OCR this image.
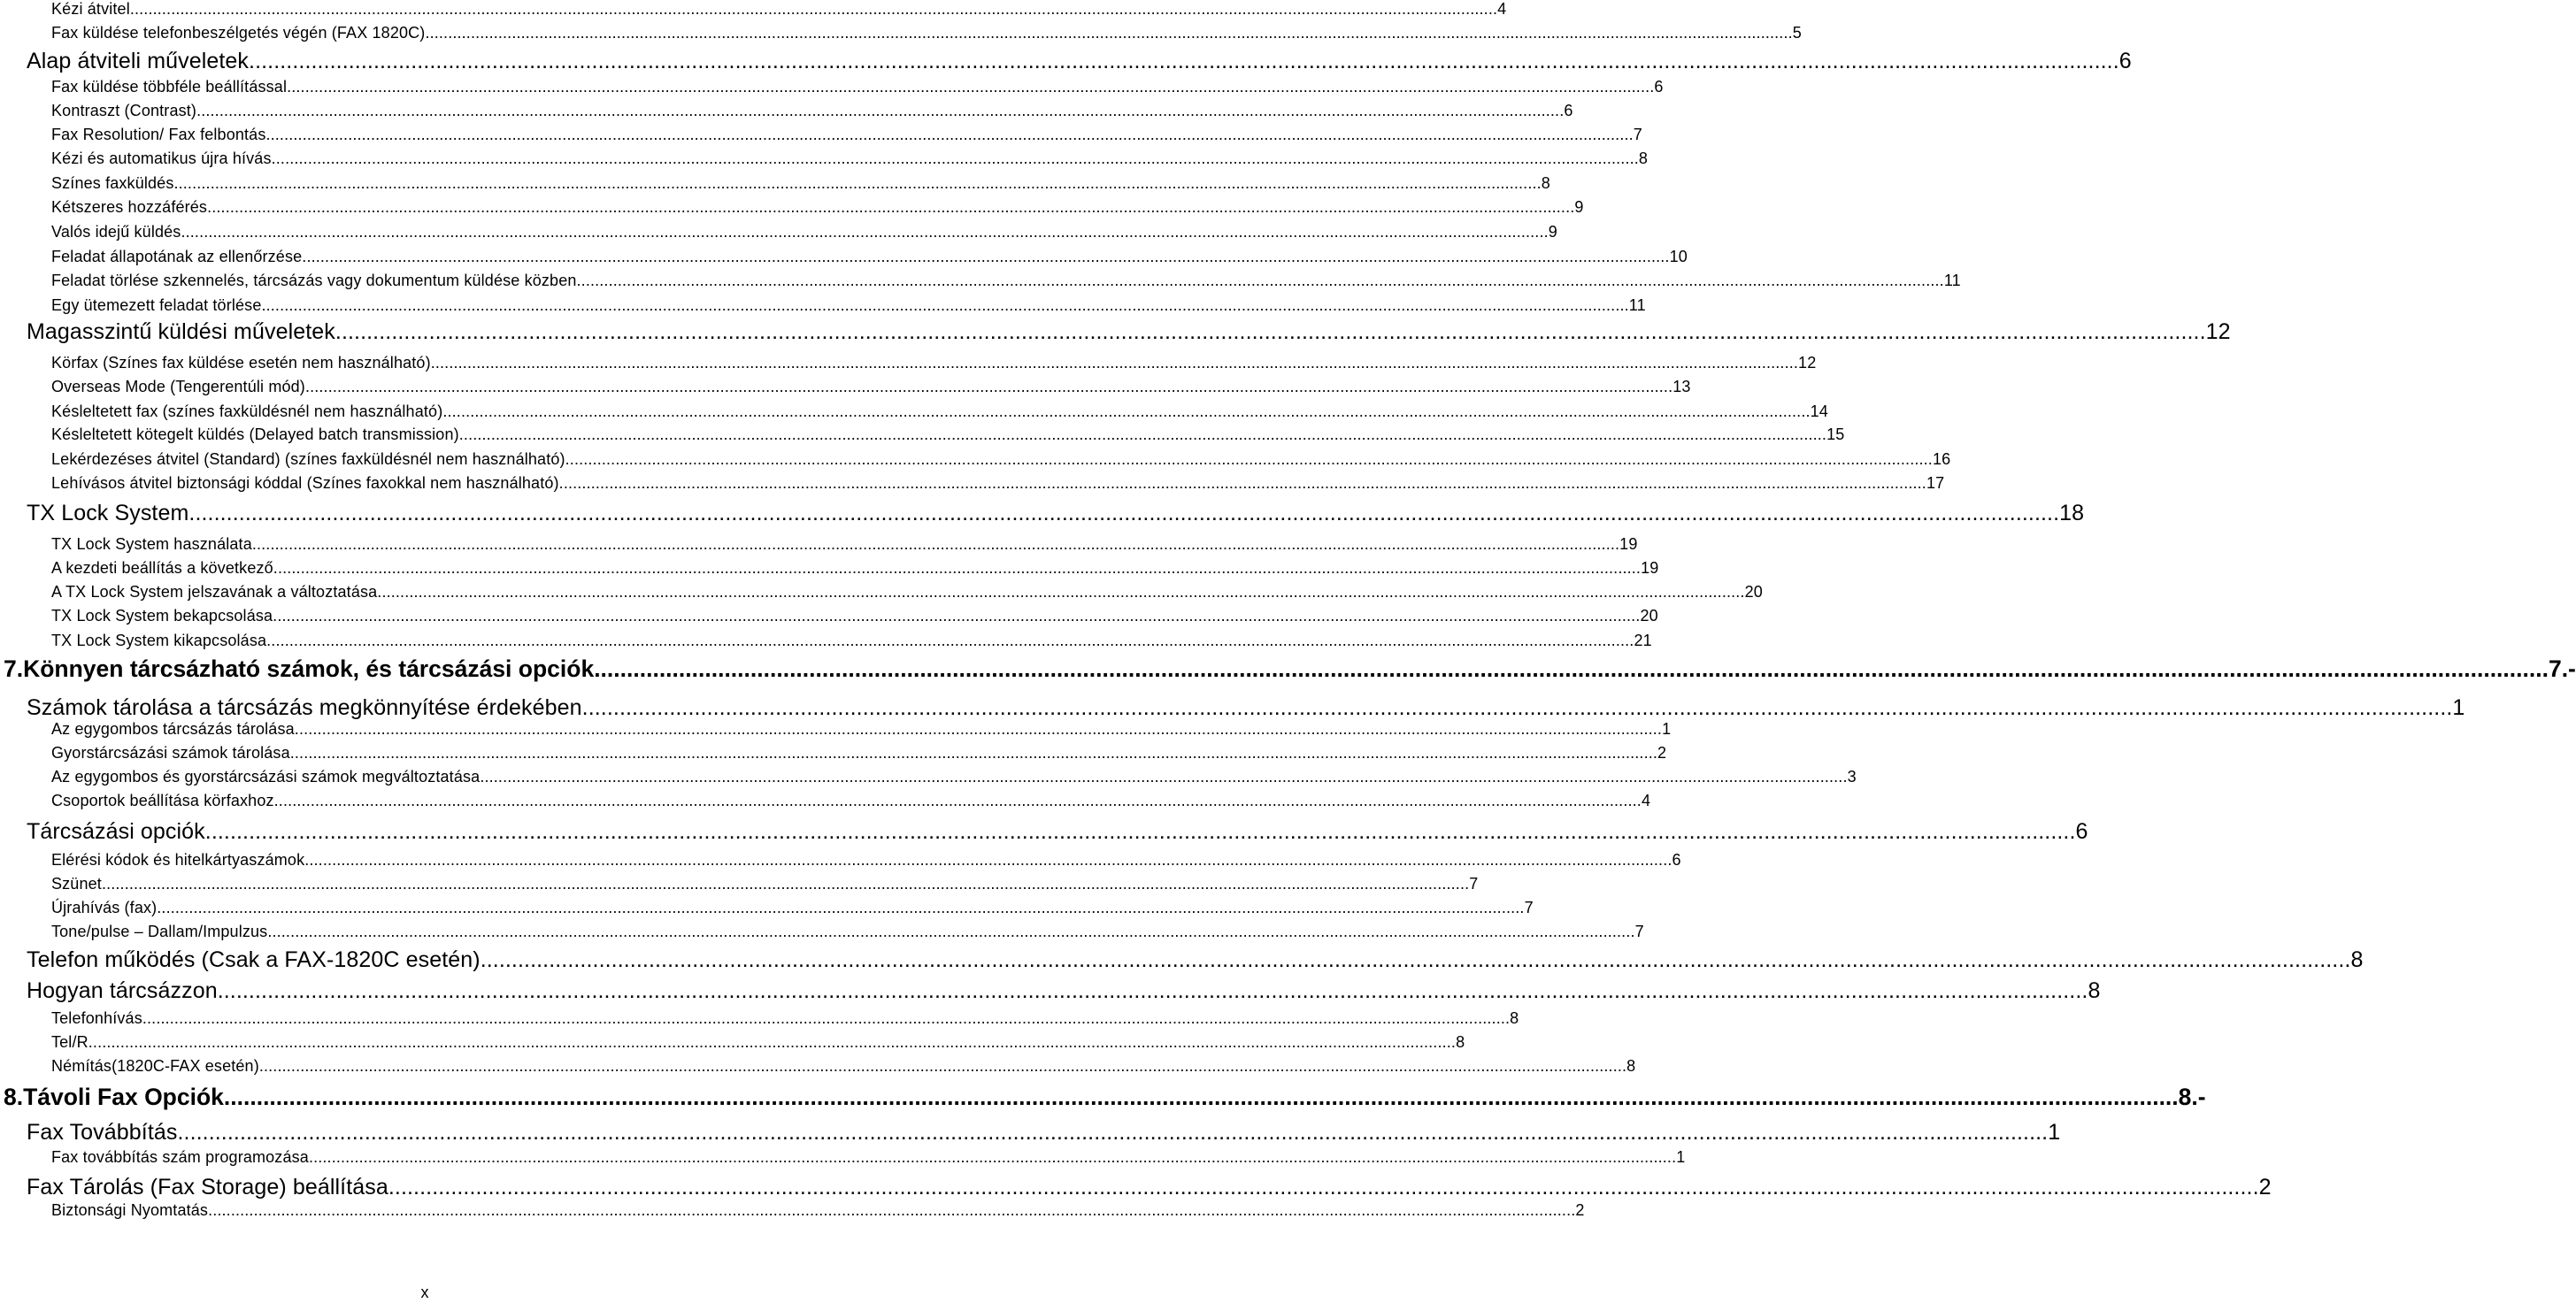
Kézi átvitel ............................................................................................................................................................................................................................................................................................................ 4
Fax küldése telefonbeszélgetés végén (FAX 1820C) ............................................................................................................................................................................................................................................................................................................ 5
Alap átviteli műveletek ............................................................................................................................................................................................................................................................................................................ 6
Fax küldése többféle beállítással ............................................................................................................................................................................................................................................................................................................ 6
Kontraszt (Contrast) ............................................................................................................................................................................................................................................................................................................ 6
Fax Resolution/ Fax felbontás ............................................................................................................................................................................................................................................................................................................ 7
Kézi és automatikus újra hívás ............................................................................................................................................................................................................................................................................................................ 8
Színes faxküldés ............................................................................................................................................................................................................................................................................................................ 8
Kétszeres hozzáférés ............................................................................................................................................................................................................................................................................................................ 9
Valós idejű küldés ............................................................................................................................................................................................................................................................................................................ 9
Feladat állapotának az ellenőrzése ............................................................................................................................................................................................................................................................................................................ 10
Feladat törlése szkennelés, tárcsázás vagy dokumentum küldése közben ............................................................................................................................................................................................................................................................................................................ 11
Egy ütemezett feladat törlése ............................................................................................................................................................................................................................................................................................................ 11
Magasszintű küldési műveletek ............................................................................................................................................................................................................................................................................................................ 12
Körfax (Színes fax küldése esetén nem használható) ............................................................................................................................................................................................................................................................................................................ 12
Overseas Mode (Tengerentúli mód) ............................................................................................................................................................................................................................................................................................................ 13
Késleltetett fax (színes faxküldésnél nem használható) ............................................................................................................................................................................................................................................................................................................ 14
Késleltetett kötegelt küldés (Delayed batch transmission) ............................................................................................................................................................................................................................................................................................................ 15
Lekérdezéses átvitel (Standard) (színes faxküldésnél nem használható) ............................................................................................................................................................................................................................................................................................................ 16
Lehívásos átvitel biztonsági kóddal (Színes faxokkal nem használható) ............................................................................................................................................................................................................................................................................................................ 17
TX Lock System ............................................................................................................................................................................................................................................................................................................ 18
TX Lock System használata ............................................................................................................................................................................................................................................................................................................ 19
A kezdeti beállítás a következő ............................................................................................................................................................................................................................................................................................................ 19
A TX Lock System jelszavának a változtatása ............................................................................................................................................................................................................................................................................................................ 20
TX Lock System bekapcsolása ............................................................................................................................................................................................................................................................................................................ 20
TX Lock System kikapcsolása ............................................................................................................................................................................................................................................................................................................ 21
7.Könnyen tárcsázható számok, és tárcsázási opciók ............................................................................................................................................................................................................................................................................................................ 7.-
Számok tárolása a tárcsázás megkönnyítése érdekében ............................................................................................................................................................................................................................................................................................................ 1
Az egygombos tárcsázás tárolása ............................................................................................................................................................................................................................................................................................................ 1
Gyorstárcsázási számok tárolása ............................................................................................................................................................................................................................................................................................................ 2
Az egygombos és gyorstárcsázási számok megváltoztatása ............................................................................................................................................................................................................................................................................................................ 3
Csoportok beállítása körfaxhoz ............................................................................................................................................................................................................................................................................................................ 4
Tárcsázási opciók ............................................................................................................................................................................................................................................................................................................ 6
Elérési kódok és hitelkártyaszámok ............................................................................................................................................................................................................................................................................................................ 6
Szünet ............................................................................................................................................................................................................................................................................................................ 7
Újrahívás (fax) ............................................................................................................................................................................................................................................................................................................ 7
Tone/pulse – Dallam/Impulzus ............................................................................................................................................................................................................................................................................................................ 7
Telefon működés (Csak a FAX-1820C esetén) ............................................................................................................................................................................................................................................................................................................ 8
Hogyan tárcsázzon ............................................................................................................................................................................................................................................................................................................ 8
Telefonhívás ............................................................................................................................................................................................................................................................................................................ 8
Tel/R ............................................................................................................................................................................................................................................................................................................ 8
Némítás(1820C-FAX esetén) ............................................................................................................................................................................................................................................................................................................ 8
8.Távoli Fax Opciók ............................................................................................................................................................................................................................................................................................................ 8.-
Fax Továbbítás ............................................................................................................................................................................................................................................................................................................ 1
Fax továbbítás szám programozása ............................................................................................................................................................................................................................................................................................................ 1
Fax Tárolás (Fax Storage) beállítása ............................................................................................................................................................................................................................................................................................................ 2
Biztonsági Nyomtatás ............................................................................................................................................................................................................................................................................................................ 2
x
